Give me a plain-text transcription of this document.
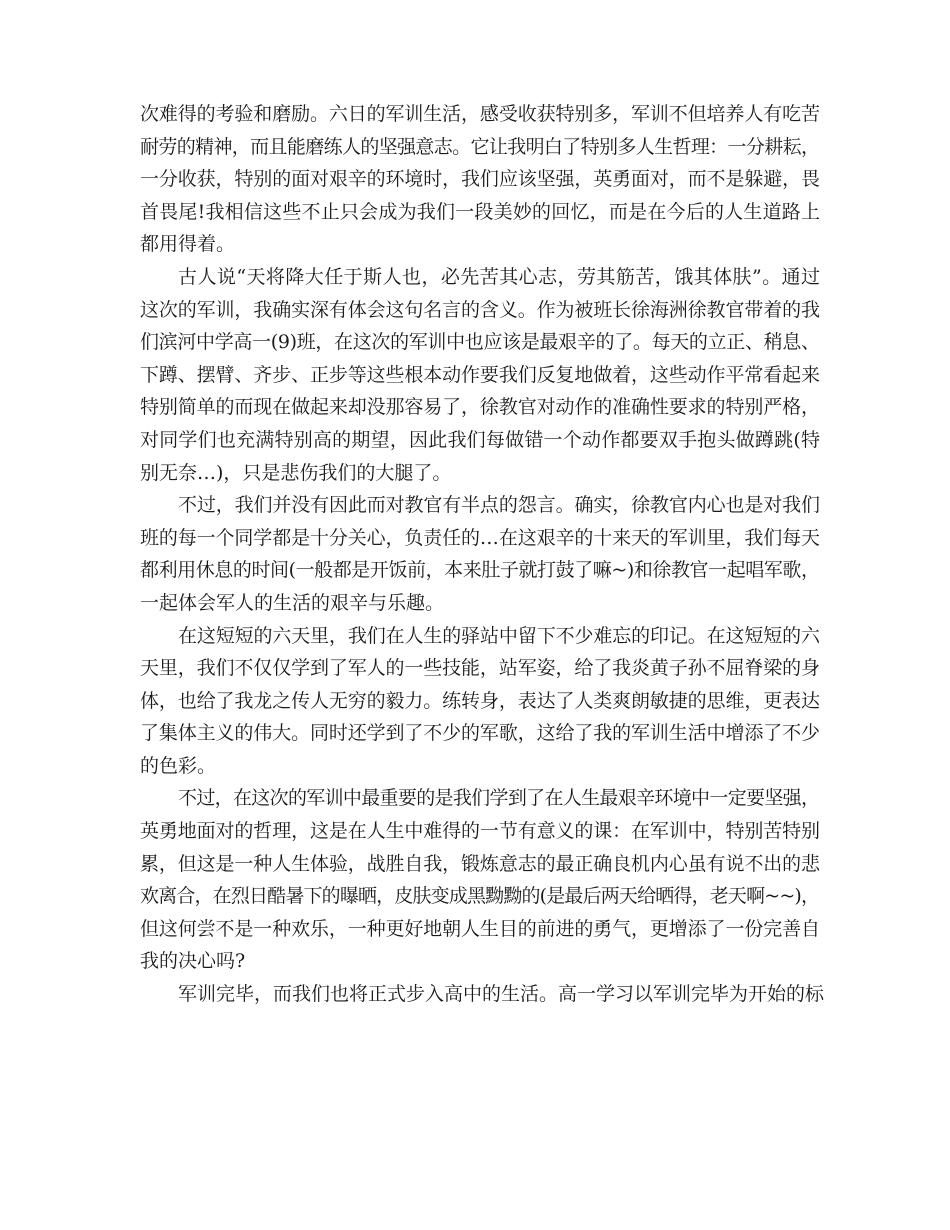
次难得的考验和磨励。六日的军训生活，感受收获特别多，军训不但培养人有吃苦
耐劳的精神，而且能磨练人的坚强意志。它让我明白了特别多人生哲理：一分耕耘，
一分收获，特别的面对艰辛的环境时，我们应该坚强，英勇面对，而不是躲避，畏
首畏尾!我相信这些不止只会成为我们一段美妙的回忆，而是在今后的人生道路上
都用得着。
古人说“天将降大任于斯人也，必先苦其心志，劳其筋苦，饿其体肤”。通过
这次的军训，我确实深有体会这句名言的含义。作为被班长徐海洲徐教官带着的我
们滨河中学高一(9)班，在这次的军训中也应该是最艰辛的了。每天的立正、稍息、
下蹲、摆臂、齐步、正步等这些根本动作要我们反复地做着，这些动作平常看起来
特别简单的而现在做起来却没那容易了，徐教官对动作的准确性要求的特别严格，
对同学们也充满特别高的期望，因此我们每做错一个动作都要双手抱头做蹲跳(特
别无奈…)，只是悲伤我们的大腿了。
不过，我们并没有因此而对教官有半点的怨言。确实，徐教官内心也是对我们
班的每一个同学都是十分关心，负责任的…在这艰辛的十来天的军训里，我们每天
都利用休息的时间(一般都是开饭前，本来肚子就打鼓了嘛~)和徐教官一起唱军歌，
一起体会军人的生活的艰辛与乐趣。
在这短短的六天里，我们在人生的驿站中留下不少难忘的印记。在这短短的六
天里，我们不仅仅学到了军人的一些技能，站军姿，给了我炎黄子孙不屈脊梁的身
体，也给了我龙之传人无穷的毅力。练转身，表达了人类爽朗敏捷的思维，更表达
了集体主义的伟大。同时还学到了不少的军歌，这给了我的军训生活中增添了不少
的色彩。
不过，在这次的军训中最重要的是我们学到了在人生最艰辛环境中一定要坚强，
英勇地面对的哲理，这是在人生中难得的一节有意义的课：在军训中，特别苦特别
累，但这是一种人生体验，战胜自我，锻炼意志的最正确良机内心虽有说不出的悲
欢离合，在烈日酷暑下的曝晒，皮肤变成黑黝黝的(是最后两天给晒得，老天啊~~)，
但这何尝不是一种欢乐，一种更好地朝人生目的前进的勇气，更增添了一份完善自
我的决心吗?
军训完毕，而我们也将正式步入高中的生活。高一学习以军训完毕为开始的标
